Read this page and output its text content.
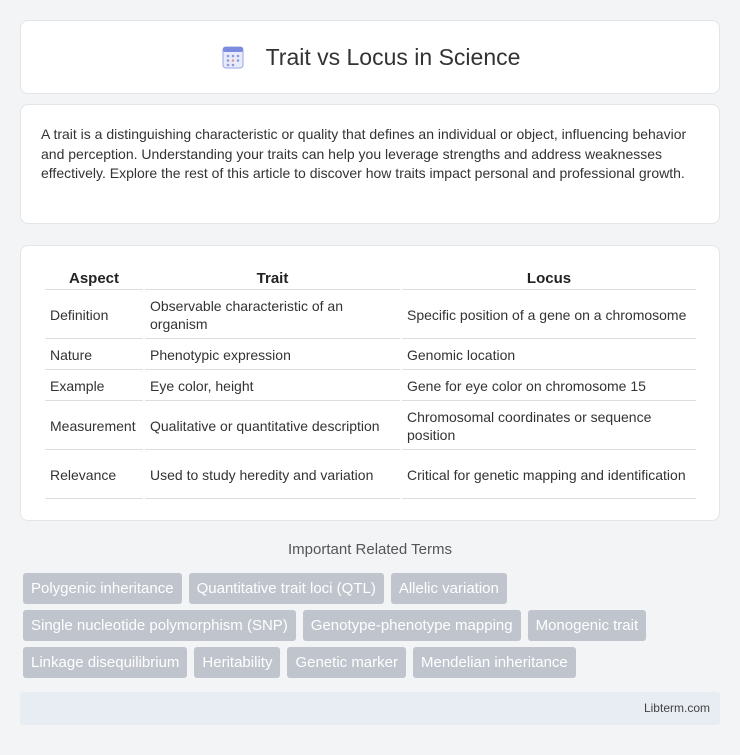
Trait vs Locus in Science

A trait is a distinguishing characteristic or quality that defines an individual or object, influencing behavior and perception. Understanding your traits can help you leverage strengths and address weaknesses effectively. Explore the rest of this article to discover how traits impact personal and professional growth.

Aspect	Trait	Locus
Definition	Observable characteristic of an organism	Specific position of a gene on a chromosome
Nature	Phenotypic expression	Genomic location
Example	Eye color, height	Gene for eye color on chromosome 15
Measurement	Qualitative or quantitative description	Chromosomal coordinates or sequence position
Relevance	Used to study heredity and variation	Critical for genetic mapping and identification
Important Related Terms
Polygenic inheritance	Quantitative trait loci (QTL)	Allelic variation
Single nucleotide polymorphism (SNP)	Genotype-phenotype mapping	Monogenic trait
Linkage disequilibrium	Heritability	Genetic marker	Mendelian inheritance
Libterm.com
